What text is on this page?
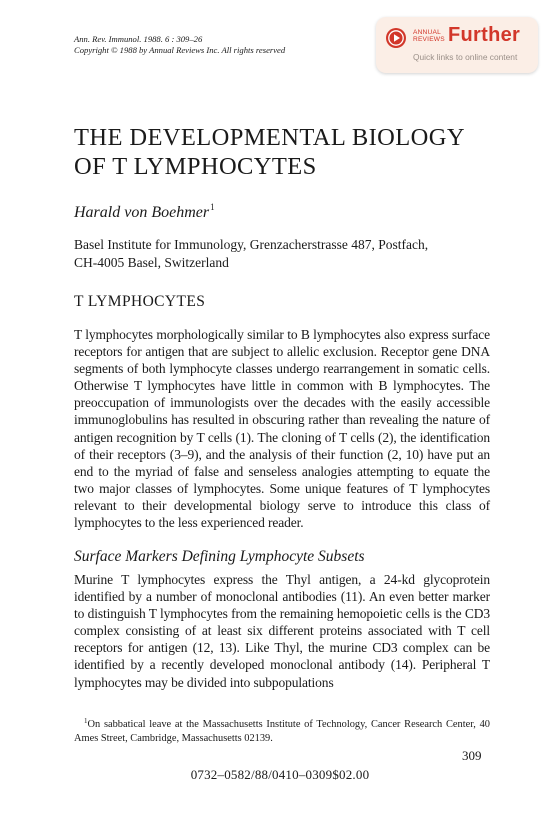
Ann. Rev. Immunol. 1988. 6 : 309–26
Copyright © 1988 by Annual Reviews Inc. All rights reserved
ANNUAL
REVIEWS Further
Quick links to online content
THE DEVELOPMENTAL BIOLOGY
OF T LYMPHOCYTES
Harald von Boehmer$^1$
Basel Institute for Immunology, Grenzacherstrasse 487, Postfach,
CH-4005 Basel, Switzerland
T LYMPHOCYTES

T lymphocytes morphologically similar to B lymphocytes also express surface receptors for antigen that are subject to allelic exclusion. Receptor gene DNA segments of both lymphocyte classes undergo rearrangement in somatic cells. Otherwise T lymphocytes have little in common with B lymphocytes. The preoccupation of immunologists over the decades with the easily accessible immunoglobulins has resulted in obscuring rather than revealing the nature of antigen recognition by T cells (1). The cloning of T cells (2), the identification of their receptors (3–9), and the analysis of their function (2, 10) have put an end to the myriad of false and senseless analogies attempting to equate the two major classes of lymphocytes. Some unique features of T lymphocytes relevant to their developmental biology serve to introduce this class of lymphocytes to the less experienced reader.

Surface Markers Defining Lymphocyte Subsets

Murine T lymphocytes express the Thyl antigen, a 24-kd glycoprotein identified by a number of monoclonal antibodies (11). An even better marker to distinguish T lymphocytes from the remaining hemopoietic cells is the CD3 complex consisting of at least six different proteins associated with T cell receptors for antigen (12, 13). Like Thyl, the murine CD3 complex can be identified by a recently developed monoclonal antibody (14). Peripheral T lymphocytes may be divided into subpopulations

$^1$On sabbatical leave at the Massachusetts Institute of Technology, Cancer Research Center, 40 Ames Street, Cambridge, Massachusetts 02139.
309
0732–0582/88/0410–0309$02.00
